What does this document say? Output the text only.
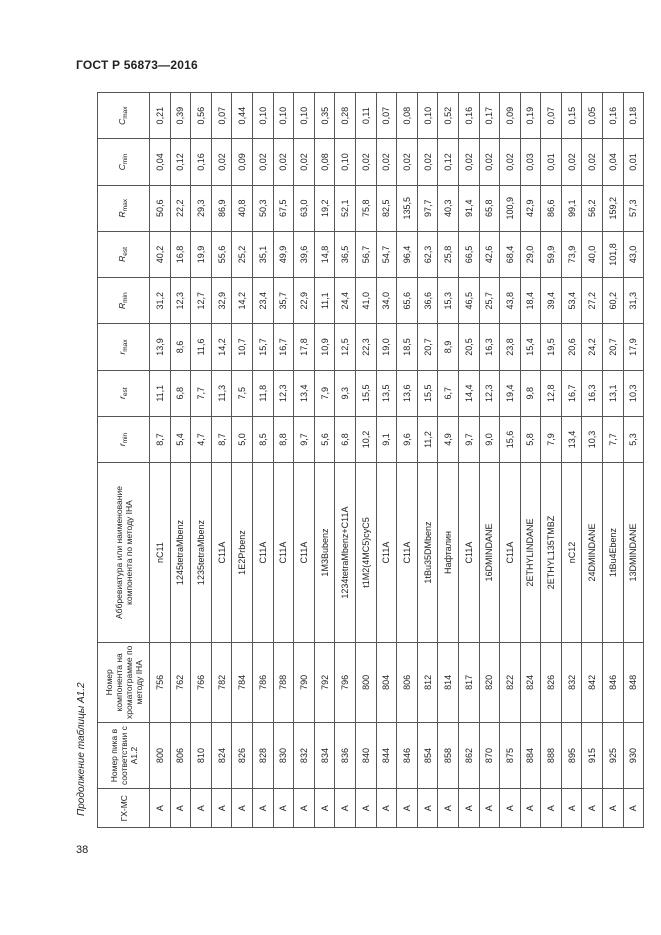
ГОСТ Р 56873—2016
Продолжение таблицы А1.2	ГХ-МС	Номер пика в соответствии с А1.2	Номер компонента на хроматограмме по методу IHA	Аббревиатура или наименование компонента по методу IHA	$r_{min}$	$r_{est}$	$r_{max}$	$R_{min}$	$R_{est}$	$R_{max}$	$C_{min}$	$C_{max}$
А	800	756	nC11	8,7	11,1	13,9	31,2	40,2	50,6	0,04	0,21
А	806	762	1245tetraMbenz	5,4	6,8	8,6	12,3	16,8	22,2	0,12	0,39
А	810	766	1235tetraMbenz	4,7	7,7	11,6	12,7	19,9	29,3	0,16	0,56
А	824	782	C11A	8,7	11,3	14,2	32,9	55,6	86,9	0,02	0,07
А	826	784	1E2Prbenz	5,0	7,5	10,7	14,2	25,2	40,8	0,09	0,44
А	828	786	C11A	8,5	11,8	15,7	23,4	35,1	50,3	0,02	0,10
А	830	788	C11A	8,8	12,3	16,7	35,7	49,9	67,5	0,02	0,10
А	832	790	C11A	9,7	13,4	17,8	22,9	39,6	63,0	0,02	0,10
А	834	792	1M3Bubenz	5,6	7,9	10,9	11,1	14,8	19,2	0,08	0,35
А	836	796	1234tetraMbenz+C11A	6,8	9,3	12,5	24,4	36,5	52,1	0,10	0,28
А	840	800	t1M2(4MC5)cyC5	10,2	15,5	22,3	41,0	56,7	75,8	0,02	0,11
А	844	804	C11A	9,1	13,5	19,0	34,0	54,7	82,5	0,02	0,07
А	846	806	C11A	9,6	13,6	18,5	65,6	96,4	135,5	0,02	0,08
А	854	812	1tBu35DMbenz	11,2	15,5	20,7	36,6	62,3	97,7	0,02	0,10
А	858	814	Нафталин	4,9	6,7	8,9	15,3	25,8	40,3	0,12	0,52
А	862	817	C11A	9,7	14,4	20,5	46,5	66,5	91,4	0,02	0,16
А	870	820	16DMINDANE	9,0	12,3	16,3	25,7	42,6	65,8	0,02	0,17
А	875	822	C11A	15,6	19,4	23,8	43,8	68,4	100,9	0,02	0,09
А	884	824	2ETHYLINDANE	5,8	9,8	15,4	18,4	29,0	42,9	0,03	0,19
А	888	826	2ETHYL135TMBZ	7,9	12,8	19,5	39,4	59,9	86,6	0,01	0,07
А	895	832	nC12	13,4	16,7	20,6	53,4	73,9	99,1	0,02	0,15
А	915	842	24DMINDANE	10,3	16,3	24,2	27,2	40,0	56,2	0,02	0,05
А	925	846	1tBu4Ebenz	7,7	13,1	20,7	60,2	101,8	159,2	0,04	0,16
А	930	848	13DMINDANE	5,3	10,3	17,9	31,3	43,0	57,3	0,01	0,18
38
